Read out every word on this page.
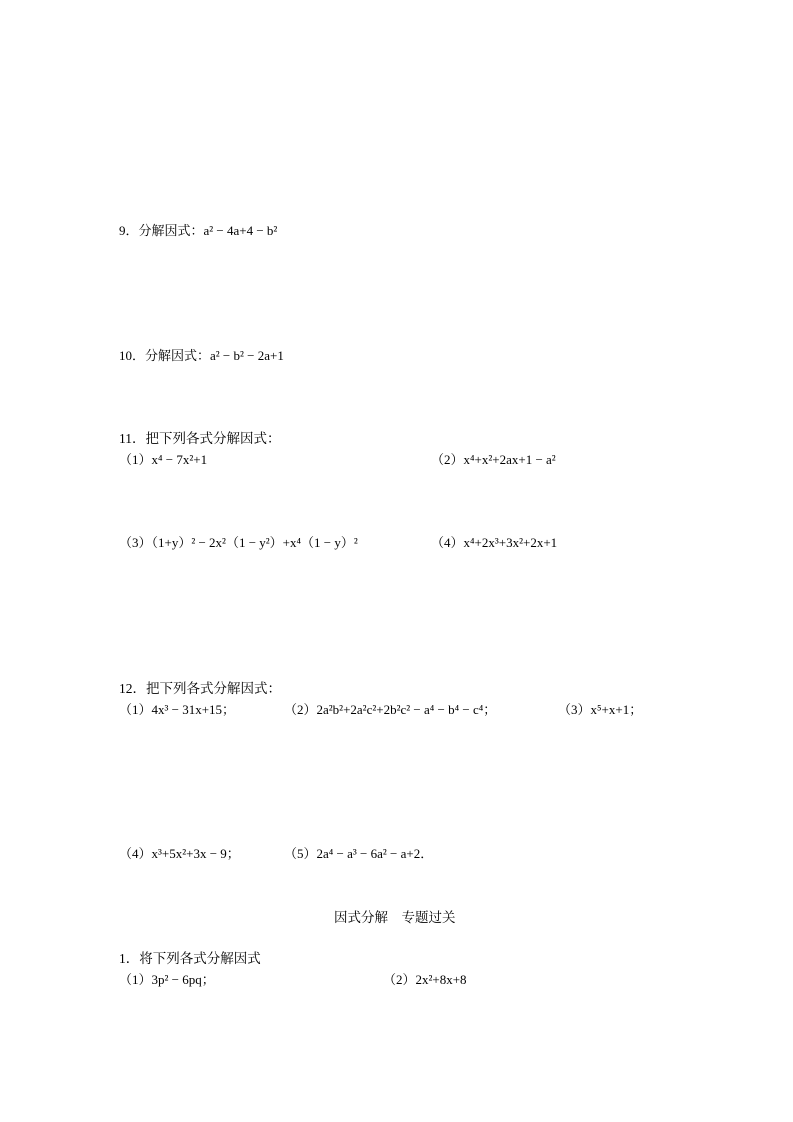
9．分解因式：a² − 4a+4 − b²
10．分解因式：a² − b² − 2a+1
11．把下列各式分解因式：
（1）x⁴ − 7x²+1	（2）x⁴+x²+2ax+1 − a²
（3）（1+y）² − 2x²（1 − y²）+x⁴（1 − y）²	（4）x⁴+2x³+3x²+2x+1
12．把下列各式分解因式：
（1）4x³ − 31x+15；	（2）2a²b²+2a²c²+2b²c² − a⁴ − b⁴ − c⁴；	（3）x⁵+x+1；
（4）x³+5x²+3x − 9；	（5）2a⁴ − a³ − 6a² − a+2．
因式分解　专题过关
1．将下列各式分解因式
（1）3p² − 6pq；	（2）2x²+8x+8
